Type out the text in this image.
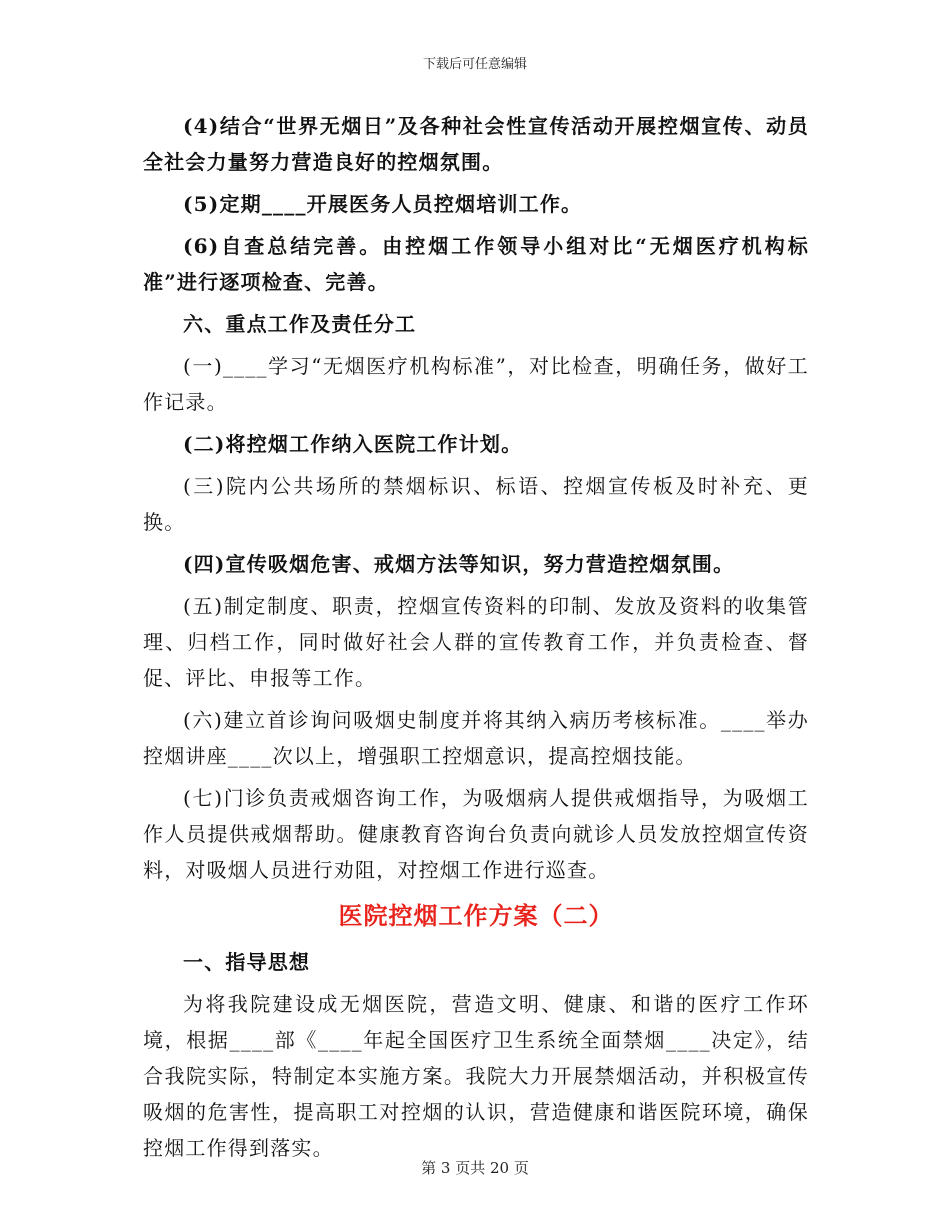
下载后可任意编辑

(4)结合“世界无烟日”及各种社会性宣传活动开展控烟宣传、动员全社会力量努力营造良好的控烟氛围。

(5)定期____开展医务人员控烟培训工作。

(6)自查总结完善。由控烟工作领导小组对比“无烟医疗机构标准”进行逐项检查、完善。

六、重点工作及责任分工

(一)____学习“无烟医疗机构标准”，对比检查，明确任务，做好工作记录。

(二)将控烟工作纳入医院工作计划。

(三)院内公共场所的禁烟标识、标语、控烟宣传板及时补充、更换。

(四)宣传吸烟危害、戒烟方法等知识，努力营造控烟氛围。

(五)制定制度、职责，控烟宣传资料的印制、发放及资料的收集管理、归档工作，同时做好社会人群的宣传教育工作，并负责检查、督促、评比、申报等工作。

(六)建立首诊询问吸烟史制度并将其纳入病历考核标准。____举办控烟讲座____次以上，增强职工控烟意识，提高控烟技能。

(七)门诊负责戒烟咨询工作，为吸烟病人提供戒烟指导，为吸烟工作人员提供戒烟帮助。健康教育咨询台负责向就诊人员发放控烟宣传资料，对吸烟人员进行劝阻，对控烟工作进行巡查。

医院控烟工作方案（二）

一、指导思想

为将我院建设成无烟医院，营造文明、健康、和谐的医疗工作环境，根据____部《____年起全国医疗卫生系统全面禁烟____决定》，结合我院实际，特制定本实施方案。我院大力开展禁烟活动，并积极宣传吸烟的危害性，提高职工对控烟的认识，营造健康和谐医院环境，确保控烟工作得到落实。

第 3 页共 20 页
